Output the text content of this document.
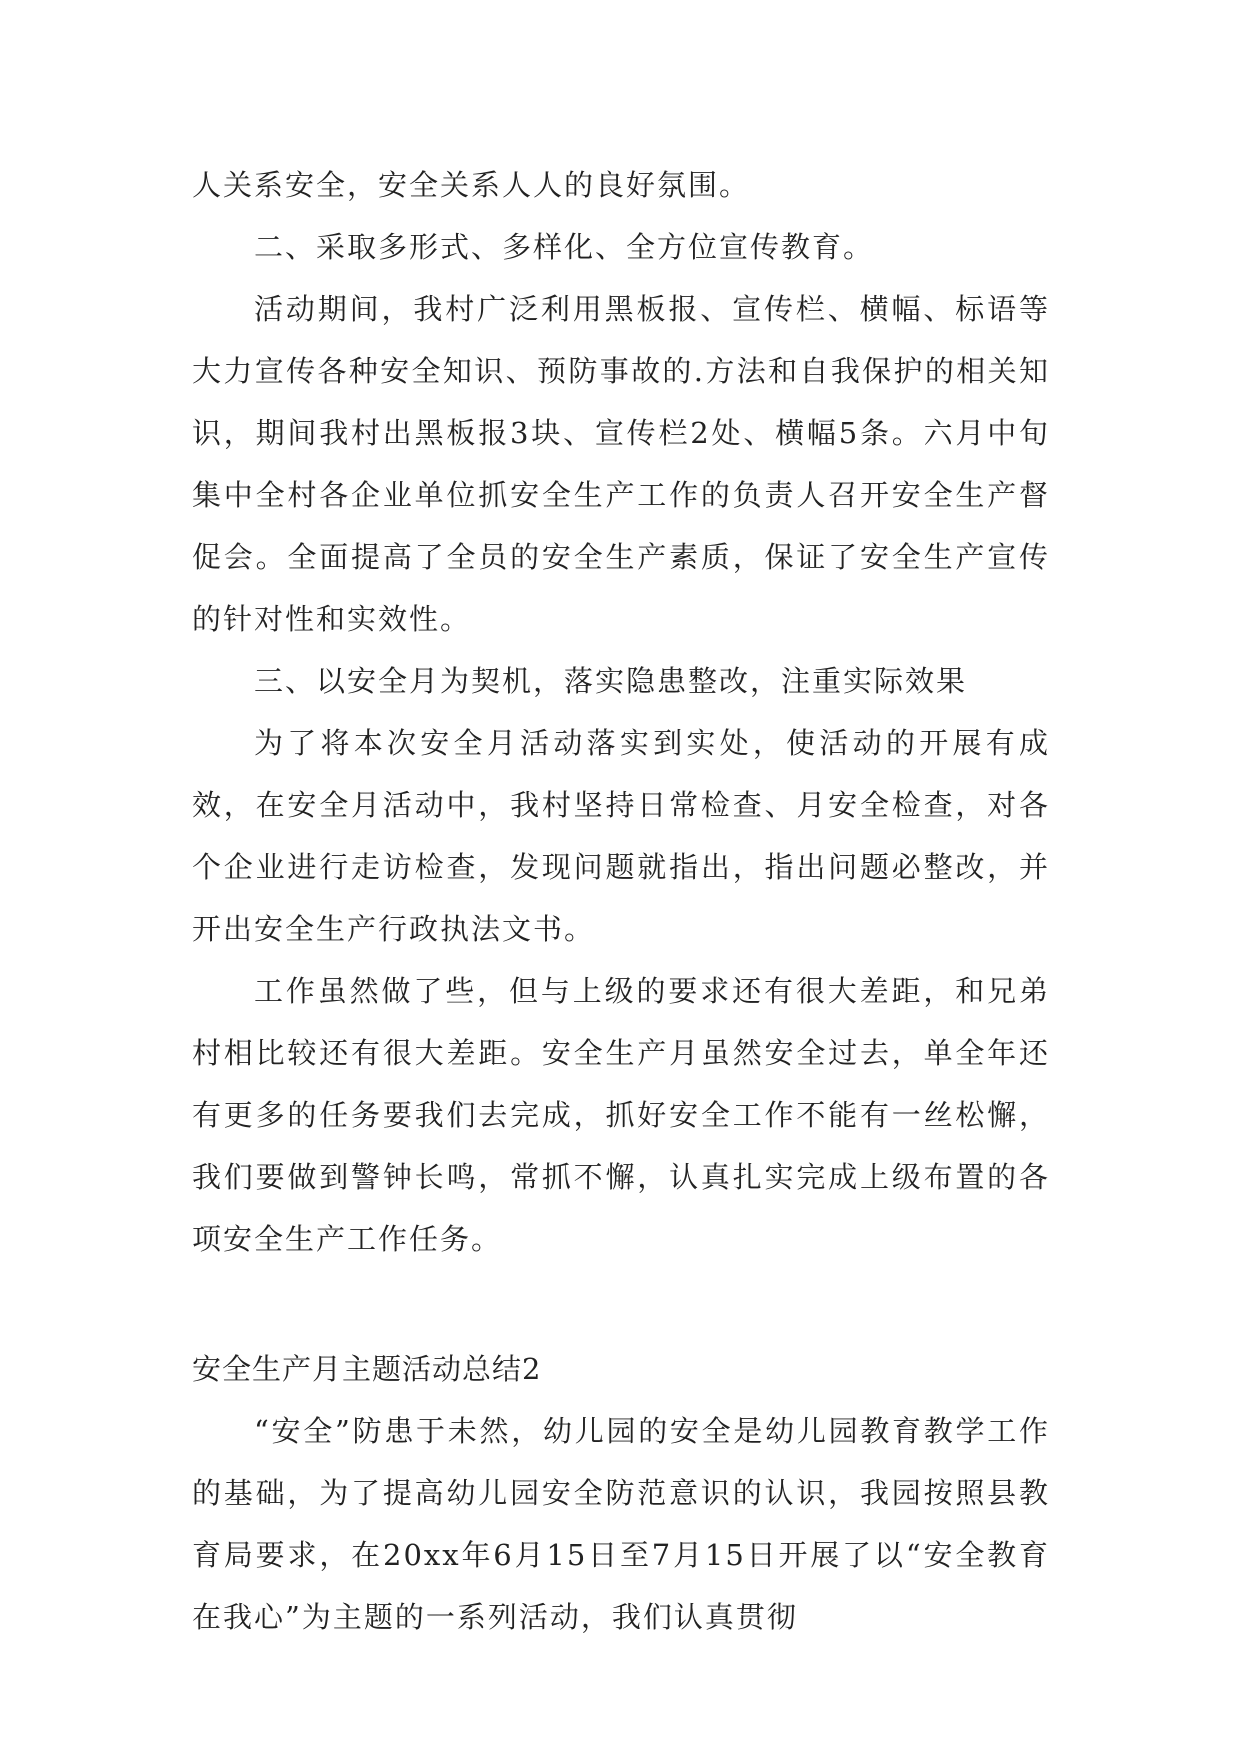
人关系安全，安全关系人人的良好氛围。

二、采取多形式、多样化、全方位宣传教育。

活动期间，我村广泛利用黑板报、宣传栏、横幅、标语等大力宣传各种安全知识、预防事故的.方法和自我保护的相关知识，期间我村出黑板报3块、宣传栏2处、横幅5条。六月中旬集中全村各企业单位抓安全生产工作的负责人召开安全生产督促会。全面提高了全员的安全生产素质，保证了安全生产宣传的针对性和实效性。

三、以安全月为契机，落实隐患整改，注重实际效果

为了将本次安全月活动落实到实处，使活动的开展有成效，在安全月活动中，我村坚持日常检查、月安全检查，对各个企业进行走访检查，发现问题就指出，指出问题必整改，并开出安全生产行政执法文书。

工作虽然做了些，但与上级的要求还有很大差距，和兄弟村相比较还有很大差距。安全生产月虽然安全过去，单全年还有更多的任务要我们去完成，抓好安全工作不能有一丝松懈，我们要做到警钟长鸣，常抓不懈，认真扎实完成上级布置的各项安全生产工作任务。

安全生产月主题活动总结2

“安全”防患于未然，幼儿园的安全是幼儿园教育教学工作的基础，为了提高幼儿园安全防范意识的认识，我园按照县教育局要求，在20xx年6月15日至7月15日开展了以“安全教育在我心”为主题的一系列活动，我们认真贯彻
